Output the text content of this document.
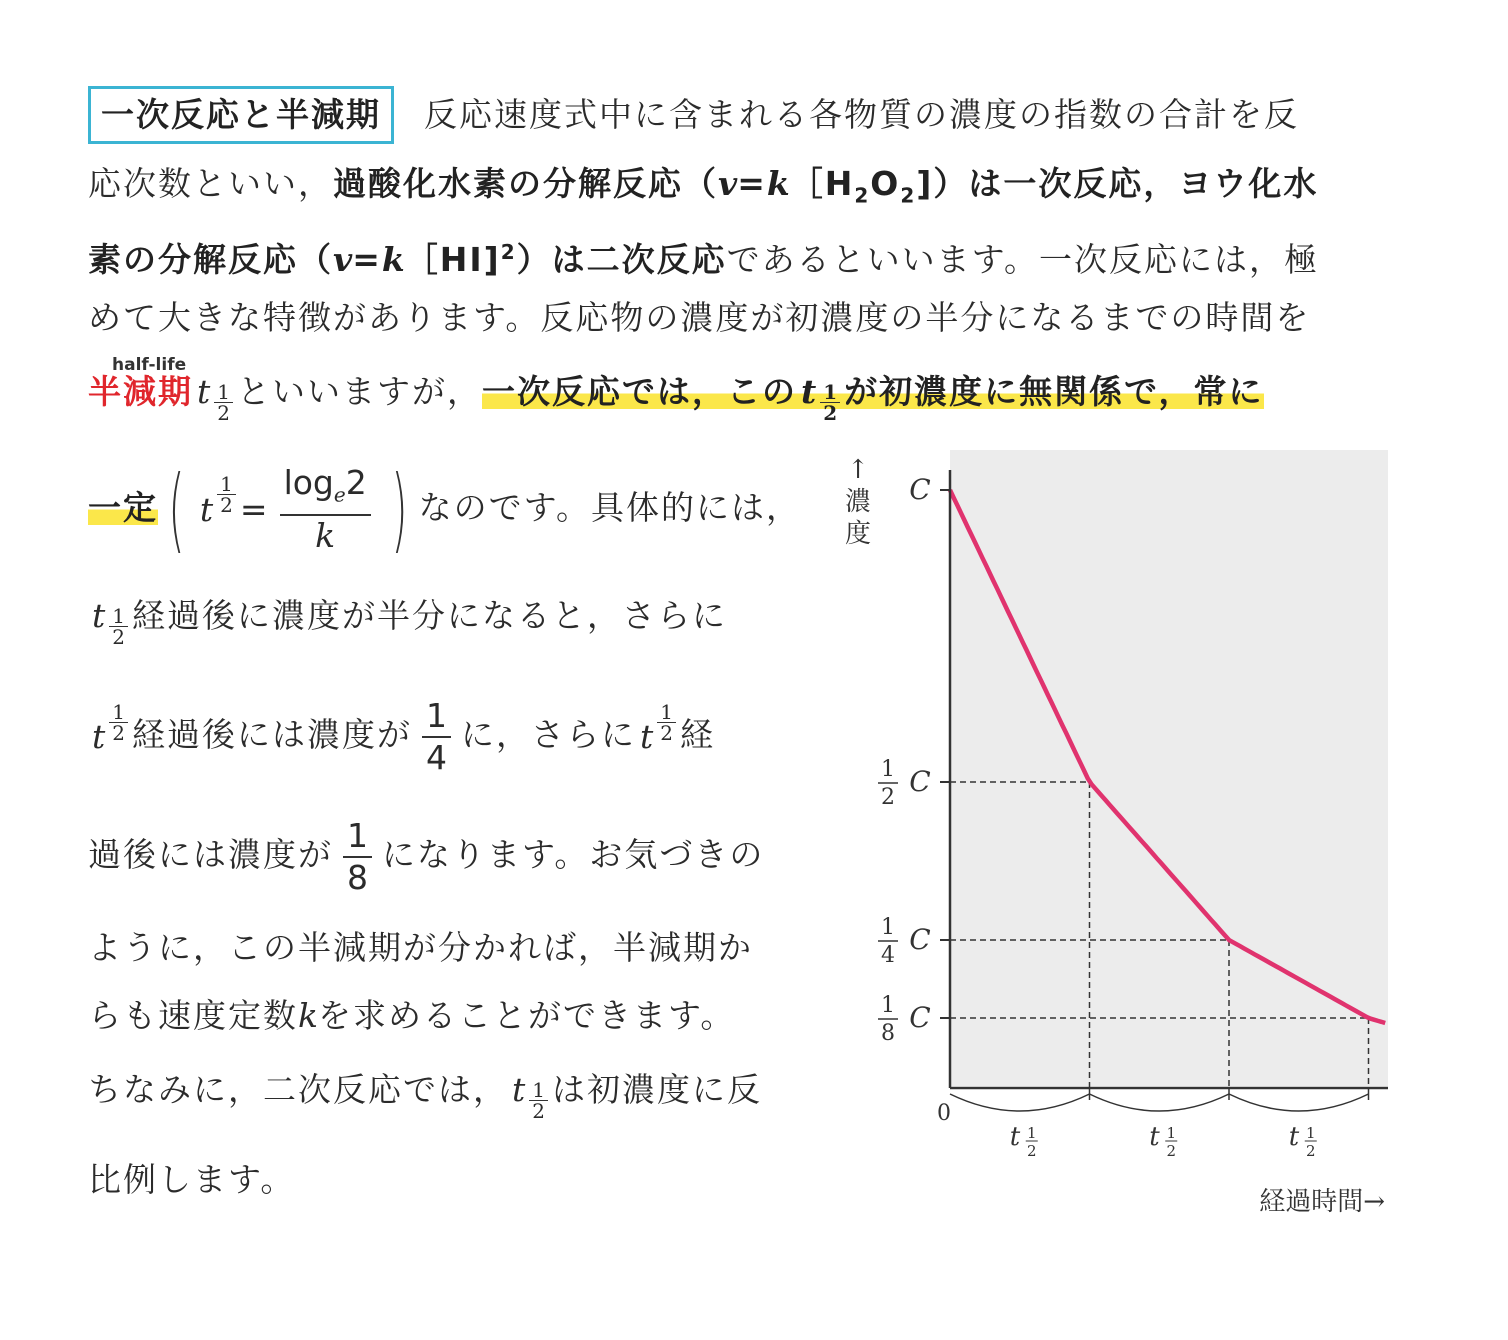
一次反応と半減期 反応速度式中に含まれる各物質の濃度の指数の合計を反
応次数といい，過酸化水素の分解反応$(v=k[H_2O_2]$）は一次反応，ヨウ化水
素の分解反応（v=k［HI]$^2$）は二次反応であるといいます。一次反応には，極
めて大きな特徴があります。反応物の濃度が初濃度の半分になるまでの時間を
half-life
半減期 t 1
2
といいますが，一次反応では，この t 1
2
が初濃度に無関係で，常に
一定 ( t
1
$2 = \frac{\log_e2}{k}$ ) なのです。具体的には，
t 1
2
経過後に濃度が半分になると，さらに
t
1
2 経過後には濃度が $\frac{1}{4}$ に，さらに t
1
2 経
過後には濃度が $\frac{1}{8}$ になります。お気づきの
ように，この半減期が分かれば，半減期か
らも速度定数kを求めることができます。
ちなみに，二次反応では， t 1
2
は初濃度に反
比例します。
C
C
1
2
C
1
4
C
1
8
t 1
2	t 1
2	t 1
2
0
↑
濃
度
経過時間→
